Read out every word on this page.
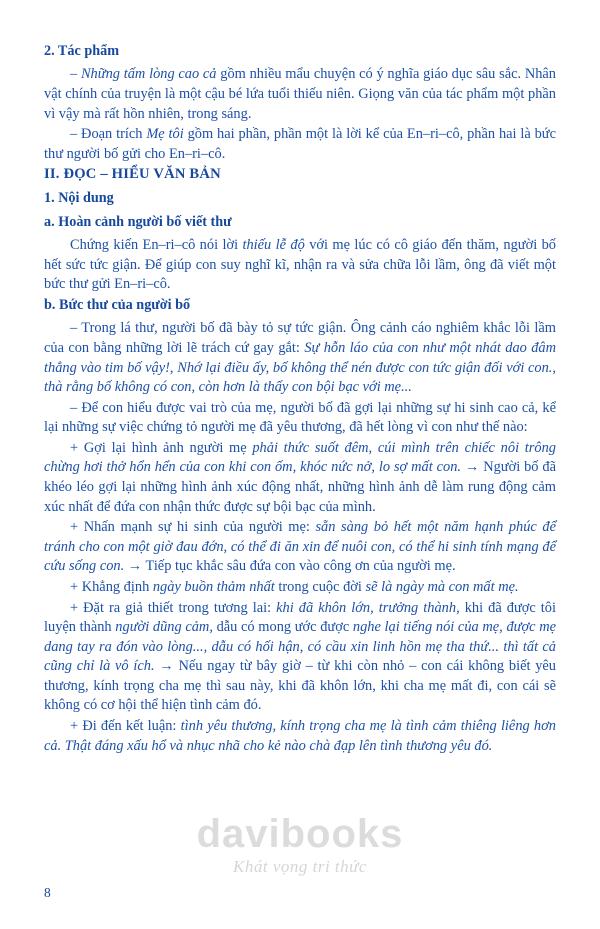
2. Tác phẩm

– Những tấm lòng cao cả gồm nhiều mẩu chuyện có ý nghĩa giáo dục sâu sắc. Nhân vật chính của truyện là một cậu bé lứa tuổi thiếu niên. Giọng văn của tác phẩm một phần vì vậy mà rất hồn nhiên, trong sáng.

– Đoạn trích Mẹ tôi gồm hai phần, phần một là lời kể của En–ri–cô, phần hai là bức thư người bố gửi cho En–ri–cô.

II. ĐỌC – HIỂU VĂN BẢN
1. Nội dung
a. Hoàn cảnh người bố viết thư

Chứng kiến En–ri–cô nói lời thiếu lễ độ với mẹ lúc có cô giáo đến thăm, người bố hết sức tức giận. Để giúp con suy nghĩ kĩ, nhận ra và sửa chữa lỗi lầm, ông đã viết một bức thư gửi En–ri–cô.

b. Bức thư của người bố

– Trong lá thư, người bố đã bày tỏ sự tức giận. Ông cảnh cáo nghiêm khắc lỗi lầm của con bằng những lời lẽ trách cứ gay gắt: Sự hỗn láo của con như một nhát dao đâm thẳng vào tim bố vậy!, Nhớ lại điều ấy, bố không thể nén được con tức giận đối với con., thà rằng bố không có con, còn hơn là thấy con bội bạc với mẹ...

– Để con hiểu được vai trò của mẹ, người bố đã gợi lại những sự hi sinh cao cả, kể lại những sự việc chứng tỏ người mẹ đã yêu thương, đã hết lòng vì con như thế nào:

+ Gợi lại hình ảnh người mẹ phải thức suốt đêm, cúi mình trên chiếc nôi trông chừng hơi thở hổn hển của con khi con ốm, khóc nức nở, lo sợ mất con. → Người bố đã khéo léo gợi lại những hình ảnh xúc động nhất, những hình ảnh dễ làm rung động cảm xúc nhất để đứa con nhận thức được sự bội bạc của mình.

+ Nhấn mạnh sự hi sinh của người mẹ: sẵn sàng bỏ hết một năm hạnh phúc để tránh cho con một giờ đau đớn, có thể đi ăn xin để nuôi con, có thể hi sinh tính mạng để cứu sống con. → Tiếp tục khắc sâu đứa con vào công ơn của người mẹ.

+ Khẳng định ngày buồn thảm nhất trong cuộc đời sẽ là ngày mà con mất mẹ.

+ Đặt ra giả thiết trong tương lai: khi đã khôn lớn, trưởng thành, khi đã được tôi luyện thành người dũng cảm, dẫu có mong ước được nghe lại tiếng nói của mẹ, được mẹ dang tay ra đón vào lòng..., dẫu có hối hận, có cầu xin linh hồn mẹ tha thứ... thì tất cả cũng chỉ là vô ích. → Nếu ngay từ bây giờ – từ khi còn nhỏ – con cái không biết yêu thương, kính trọng cha mẹ thì sau này, khi đã khôn lớn, khi cha mẹ mất đi, con cái sẽ không có cơ hội thể hiện tình cảm đó.

+ Đi đến kết luận: tình yêu thương, kính trọng cha mẹ là tình cảm thiêng liêng hơn cả. Thật đáng xấu hổ và nhục nhã cho kẻ nào chà đạp lên tình thương yêu đó.

8
davibooks
Khát vọng tri thức
